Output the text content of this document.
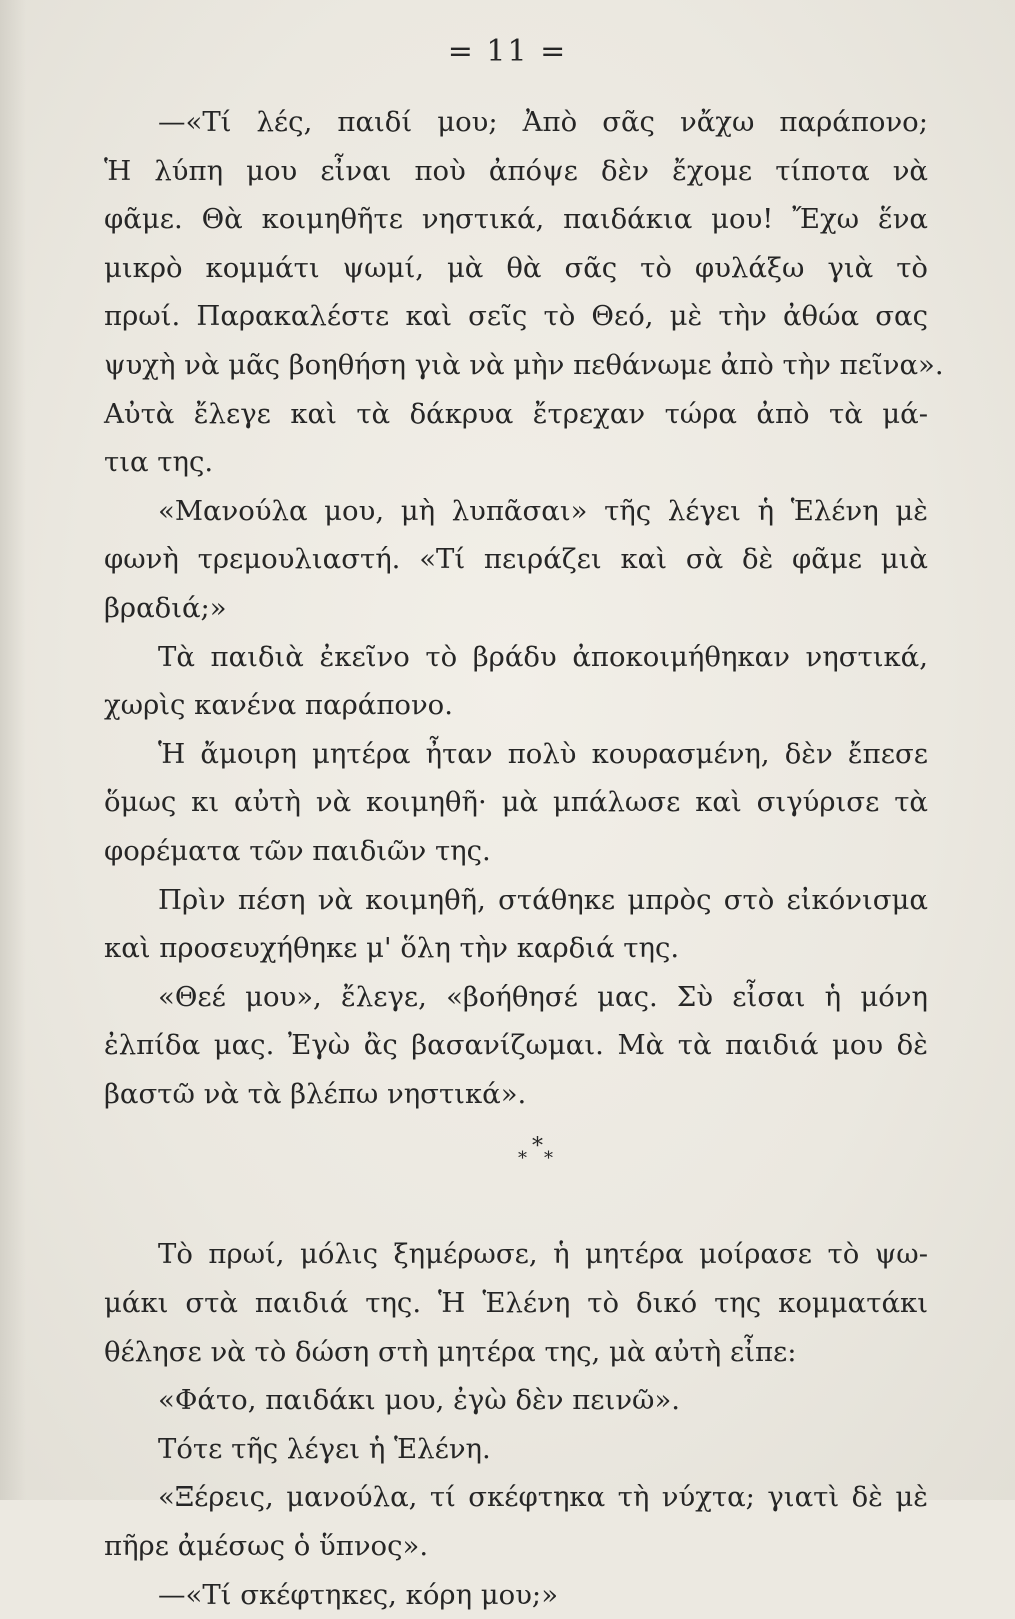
= 11 =
—«Τί λές, παιδί μου; Ἀπὸ σᾶς νἄχω παράπονο;
Ἡ λύπη μου εἶναι ποὺ ἀπόψε δὲν ἔχομε τίποτα νὰ
φᾶμε. Θὰ κοιμηθῆτε νηστικά, παιδάκια μου! Ἔχω ἕνα
μικρὸ κομμάτι ψωμί, μὰ θὰ σᾶς τὸ φυλάξω γιὰ τὸ
πρωί. Παρακαλέστε καὶ σεῖς τὸ Θεό, μὲ τὴν ἀθώα σας
ψυχὴ νὰ μᾶς βοηθήση γιὰ νὰ μὴν πεθάνωμε ἀπὸ τὴν πεῖνα».
Αὐτὰ ἔλεγε καὶ τὰ δάκρυα ἔτρεχαν τώρα ἀπὸ τὰ μά-
τια της.
«Μανούλα μου, μὴ λυπᾶσαι» τῆς λέγει ἡ Ἑλένη μὲ
φωνὴ τρεμουλιαστή. «Τί πειράζει καὶ σὰ δὲ φᾶμε μιὰ
βραδιά;»
Τὰ παιδιὰ ἐκεῖνο τὸ βράδυ ἀποκοιμήθηκαν νηστικά,
χωρὶς κανένα παράπονο.
Ἡ ἄμοιρη μητέρα ἦταν πολὺ κουρασμένη, δὲν ἔπεσε
ὅμως κι αὐτὴ νὰ κοιμηθῆ· μὰ μπάλωσε καὶ σιγύρισε τὰ
φορέματα τῶν παιδιῶν της.
Πρὶν πέση νὰ κοιμηθῆ, στάθηκε μπρὸς στὸ εἰκόνισμα
καὶ προσευχήθηκε μ' ὅλη τὴν καρδιά της.
«Θεέ μου», ἔλεγε, «βοήθησέ μας. Σὺ εἶσαι ἡ μόνη
ἐλπίδα μας. Ἐγὼ ἂς βασανίζωμαι. Μὰ τὰ παιδιά μου δὲ
βαστῶ νὰ τὰ βλέπω νηστικά».
*
* *
Τὸ πρωί, μόλις ξημέρωσε, ἡ μητέρα μοίρασε τὸ ψω-
μάκι στὰ παιδιά της. Ἡ Ἑλένη τὸ δικό της κομματάκι
θέλησε νὰ τὸ δώση στὴ μητέρα της, μὰ αὐτὴ εἶπε:
«Φάτο, παιδάκι μου, ἐγὼ δὲν πεινῶ».
Τότε τῆς λέγει ἡ Ἑλένη.
«Ξέρεις, μανούλα, τί σκέφτηκα τὴ νύχτα; γιατὶ δὲ μὲ
πῆρε ἀμέσως ὁ ὕπνος».
—«Τί σκέφτηκες, κόρη μου;»
